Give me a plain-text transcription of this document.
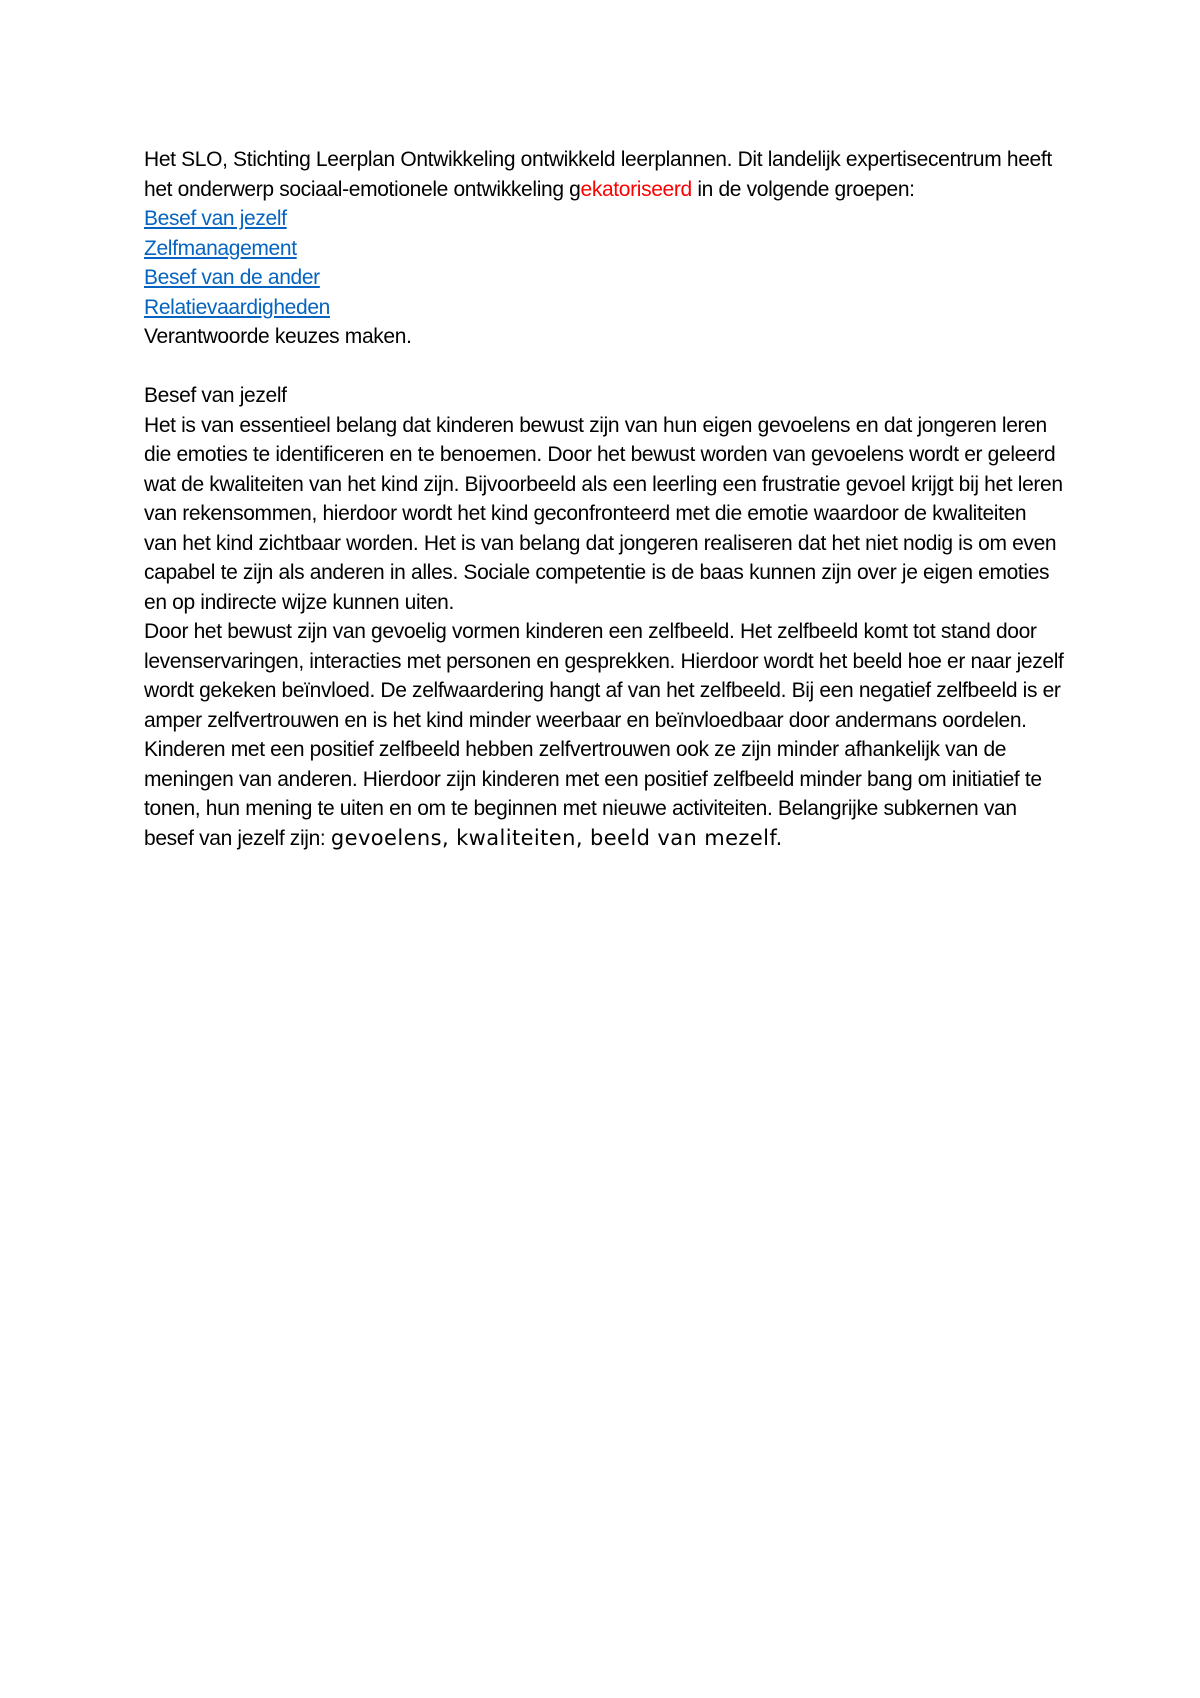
Het SLO, Stichting Leerplan Ontwikkeling ontwikkeld leerplannen. Dit landelijk expertisecentrum heeft het onderwerp sociaal-emotionele ontwikkeling gekatoriseerd in de volgende groepen:

Besef van jezelf
Zelfmanagement
Besef van de ander
Relatievaardigheden

Verantwoorde keuzes maken.

Besef van jezelf

Het is van essentieel belang dat kinderen bewust zijn van hun eigen gevoelens en dat jongeren leren die emoties te identificeren en te benoemen. Door het bewust worden van gevoelens wordt er geleerd wat de kwaliteiten van het kind zijn. Bijvoorbeeld als een leerling een frustratie gevoel krijgt bij het leren van rekensommen, hierdoor wordt het kind geconfronteerd met die emotie waardoor de kwaliteiten van het kind zichtbaar worden. Het is van belang dat jongeren realiseren dat het niet nodig is om even capabel te zijn als anderen in alles. Sociale competentie is de baas kunnen zijn over je eigen emoties en op indirecte wijze kunnen uiten.

Door het bewust zijn van gevoelig vormen kinderen een zelfbeeld. Het zelfbeeld komt tot stand door levenservaringen, interacties met personen en gesprekken. Hierdoor wordt het beeld hoe er naar jezelf wordt gekeken beïnvloed. De zelfwaardering hangt af van het zelfbeeld. Bij een negatief zelfbeeld is er amper zelfvertrouwen en is het kind minder weerbaar en beïnvloedbaar door andermans oordelen. Kinderen met een positief zelfbeeld hebben zelfvertrouwen ook ze zijn minder afhankelijk van de meningen van anderen. Hierdoor zijn kinderen met een positief zelfbeeld minder bang om initiatief te tonen, hun mening te uiten en om te beginnen met nieuwe activiteiten. Belangrijke subkernen van besef van jezelf zijn: gevoelens, kwaliteiten, beeld van mezelf.
